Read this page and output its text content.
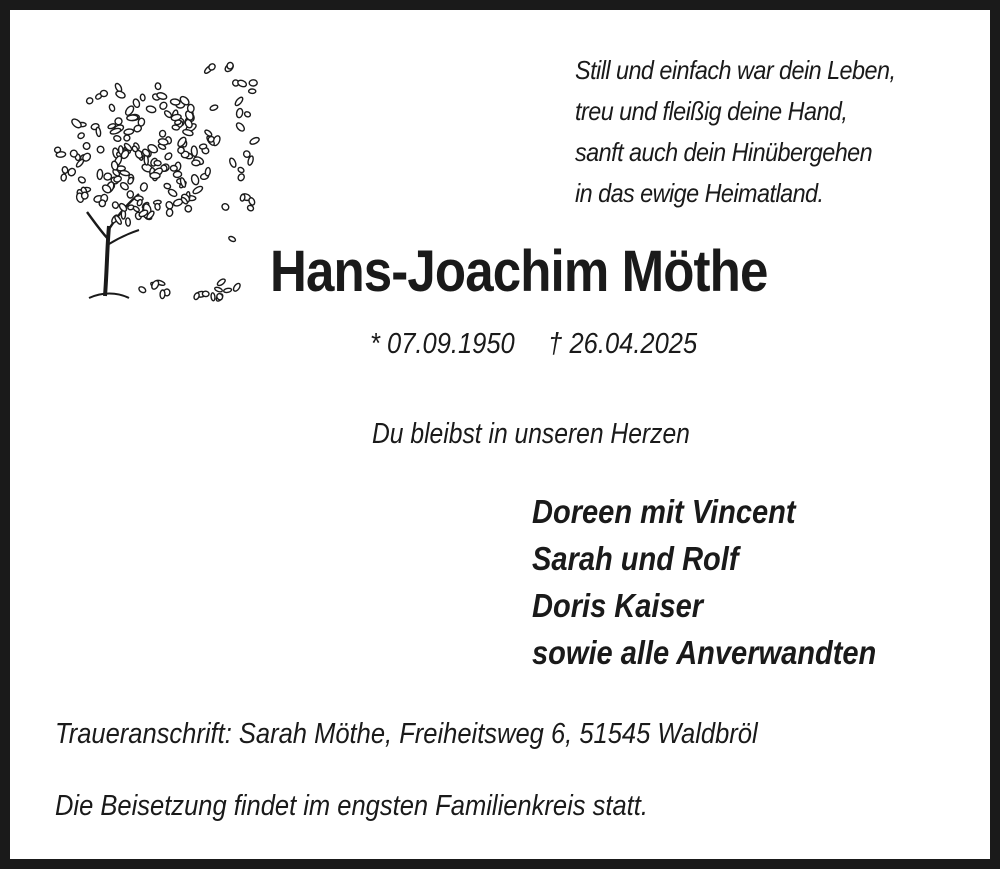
Still und einfach war dein Leben,
treu und fleißig deine Hand,
sanft auch dein Hinübergehen
in das ewige Heimatland.
Hans-Joachim Möthe
* 07.09.1950 † 26.04.2025
Du bleibst in unseren Herzen
Doreen mit Vincent
Sarah und Rolf
Doris Kaiser
sowie alle Anverwandten
Traueranschrift: Sarah Möthe, Freiheitsweg 6, 51545 Waldbröl
Die Beisetzung findet im engsten Familienkreis statt.
